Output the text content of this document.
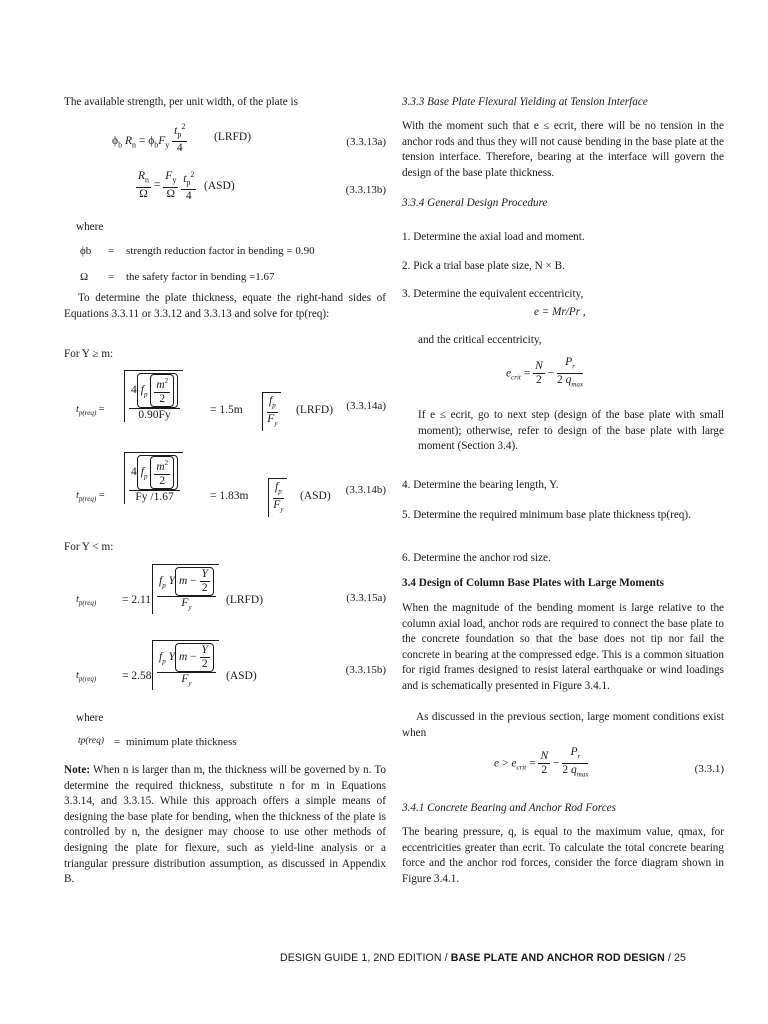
The available strength, per unit width, of the plate is

$\phi_b$ $R_n = \phi_bF_y \frac{t_p^2}{4}$ (LRFD)	(3.3.13a)
$\frac{R_n}{\Omega} = \frac{F_y}{\Omega}$
$\frac{t_p^2}{4} (ASD)$	(3.3.13b)

where

ϕb = strength reduction factor in bending = 0.90
Ω = the safety factor in bending =1.67

To determine the plate thickness, equate the right-hand sides of Equations 3.3.11 or 3.3.12 and 3.3.13 and solve for tp(req):

For Y ≥ m:

$t_{p(req)} = \frac{4 f_p \frac{m^2}{2}}{0.90Fy}$	= $1.5m \frac{f_p}{F_y}$ (LRFD) (3.3.14a)
$t_{p(req)} = \frac{4 f_p \frac{m^2}{2}}{Fy /1.67}$	= $1.83m \frac{f_p}{F_y} (ASD)$ (3.3.14b)

For Y < m:

$t_{p(req)} = 2.11 \frac{f_p Y m - \frac{Y}{2}}{F_y}$ (LRFD)	(3.3.15a)
$t_{p(req)} = 2.58 \frac{f_p Y m - \frac{Y}{2}}{F_y} (ASD)$	(3.3.15b)

where

tp(req) = minimum plate thickness

Note: When n is larger than m, the thickness will be governed by n. To determine the required thickness, substitute n for m in Equations 3.3.14, and 3.3.15. While this approach offers a simple means of designing the base plate for bending, when the thickness of the plate is controlled by n, the designer may choose to use other methods of designing the plate for flexure, such as yield-line analysis or a triangular pressure distribution assumption, as discussed in Appendix B.

3.3.3 Base Plate Flexural Yielding at Tension Interface

With the moment such that e ≤ ecrit, there will be no tension in the anchor rods and thus they will not cause bending in the base plate at the tension interface. Therefore, bearing at the interface will govern the design of the base plate thickness.

3.3.4 General Design Procedure

1. Determine the axial load and moment.

2. Pick a trial base plate size, N × B.

3. Determine the equivalent eccentricity,

e = Mr/Pr ,

and the critical eccentricity,

$e_{crit} = \frac{N}{2} - \frac{P_r}{2 q_{max}}$

If e ≤ ecrit, go to next step (design of the base plate with small moment); otherwise, refer to design of the base plate with large moment (Section 3.4).

4. Determine the bearing length, Y.

5. Determine the required minimum base plate thickness tp(req).

6. Determine the anchor rod size.

3.4 Design of Column Base Plates with Large Moments

When the magnitude of the bending moment is large relative to the column axial load, anchor rods are required to connect the base plate to the concrete foundation so that the base does not tip nor fail the concrete in bearing at the compressed edge. This is a common situation for rigid frames designed to resist lateral earthquake or wind loadings and is schematically presented in Figure 3.4.1.

As discussed in the previous section, large moment conditions exist when

$e > e_{crit} = \frac{N}{2} - \frac{P_r}{2 q_{max}}$	(3.3.1)

3.4.1 Concrete Bearing and Anchor Rod Forces

The bearing pressure, q, is equal to the maximum value, qmax, for eccentricities greater than ecrit. To calculate the total concrete bearing force and the anchor rod forces, consider the force diagram shown in Figure 3.4.1.

DESIGN GUIDE 1, 2ND EDITION / BASE PLATE AND ANCHOR ROD DESIGN / 25
